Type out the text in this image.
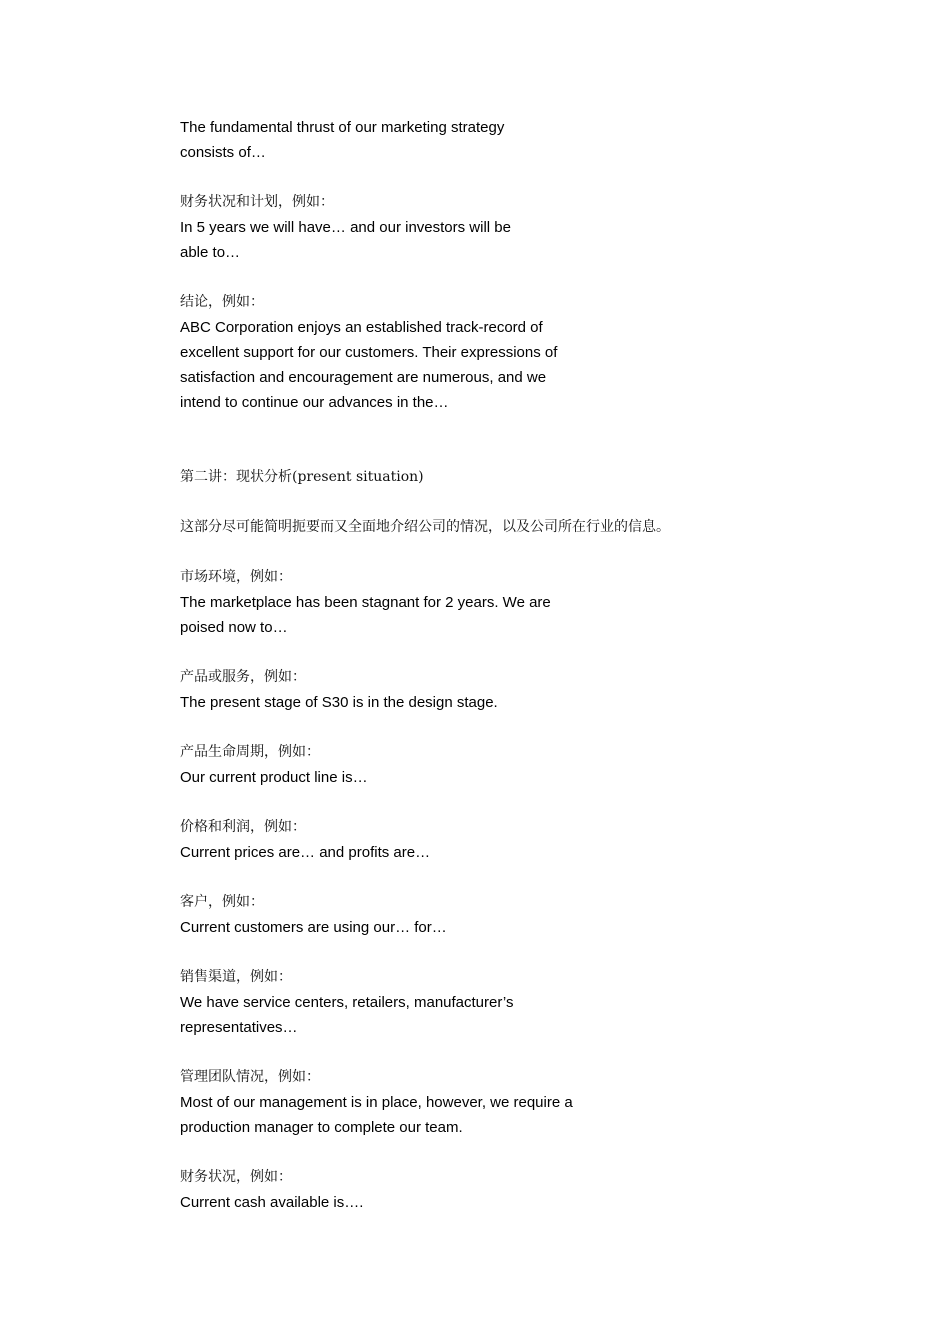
The fundamental thrust of our marketing strategy

consists of…

财务状况和计划，例如：

In 5 years we will have… and our investors will be

able to…

结论，例如：

ABC Corporation enjoys an established track-record of

excellent support for our customers. Their expressions of

satisfaction and encouragement are numerous, and we

intend to continue our advances in the…

第二讲：现状分析(present situation)

这部分尽可能简明扼要而又全面地介绍公司的情况，以及公司所在行业的信息。

市场环境，例如：

The marketplace has been stagnant for 2 years. We are

poised now to…

产品或服务，例如：

The present stage of S30 is in the design stage.

产品生命周期，例如：

Our current product line is…

价格和利润，例如：

Current prices are… and profits are…

客户，例如：

Current customers are using our… for…

销售渠道，例如：

We have service centers, retailers, manufacturer’s

representatives…

管理团队情况，例如：

Most of our management is in place, however, we require a

production manager to complete our team.

财务状况，例如：

Current cash available is….
